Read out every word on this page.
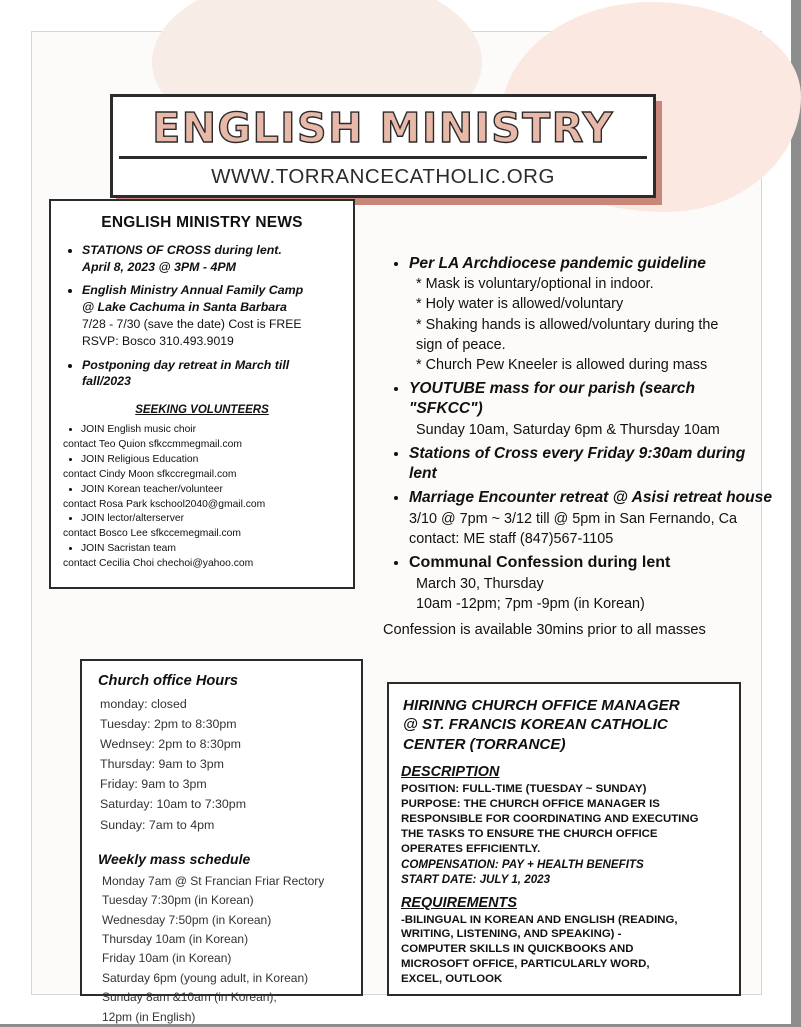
ENGLISH MINISTRY
WWW.TORRANCECATHOLIC.ORG
ENGLISH MINISTRY NEWS
• STATIONS OF CROSS during lent.
April 8, 2023 @ 3PM - 4PM
• English Ministry Annual Family Camp
@ Lake Cachuma in Santa Barbara
7/28 - 7/30 (save the date) Cost is FREE
RSVP: Bosco 310.493.9019
• Postponing day retreat in March till
fall/2023
SEEKING VOLUNTEERS
• JOIN English music choir
contact Teo Quion sfkccmmegmail.com
• JOIN Religious Education
contact Cindy Moon sfkccregmail.com
• JOIN Korean teacher/volunteer
contact Rosa Park kschool2040@gmail.com
• JOIN lector/alterserver
contact Bosco Lee sfkccemegmail.com
• JOIN Sacristan team
contact Cecilia Choi chechoi@yahoo.com
• Per LA Archdiocese pandemic guideline
* Mask is voluntary/optional in indoor.
* Holy water is allowed/voluntary
* Shaking hands is allowed/voluntary during the
sign of peace.
* Church Pew Kneeler is allowed during mass
• YOUTUBE mass for our parish (search "SFKCC")
Sunday 10am, Saturday 6pm & Thursday 10am
• Stations of Cross every Friday 9:30am during lent
• Marriage Encounter retreat @ Asisi retreat house
3/10 @ 7pm ~ 3/12 till @ 5pm in San Fernando, Ca
contact: ME staff (847)567-1105
• Communal Confession during lent
March 30, Thursday
10am -12pm; 7pm -9pm (in Korean)
Confession is available 30mins prior to all masses
Church office Hours
monday: closed
Tuesday: 2pm to 8:30pm
Wednsey: 2pm to 8:30pm
Thursday: 9am to 3pm
Friday: 9am to 3pm
Saturday: 10am to 7:30pm
Sunday: 7am to 4pm
Weekly mass schedule
Monday 7am @ St Francian Friar Rectory
Tuesday 7:30pm (in Korean)
Wednesday 7:50pm (in Korean)
Thursday 10am (in Korean)
Friday 10am (in Korean)
Saturday 6pm (young adult, in Korean)
Sunday 8am &10am (in Korean);
12pm (in English)
HIRINNG CHURCH OFFICE MANAGER
@ ST. FRANCIS KOREAN CATHOLIC
CENTER (TORRANCE)
DESCRIPTION

POSITION: FULL-TIME (TUESDAY ~ SUNDAY)

PURPOSE: THE CHURCH OFFICE MANAGER IS

RESPONSIBLE FOR COORDINATING AND EXECUTING

THE TASKS TO ENSURE THE CHURCH OFFICE

OPERATES EFFICIENTLY.

COMPENSATION: PAY + HEALTH BENEFITS

START DATE: JULY 1, 2023

REQUIREMENTS

-BILINGUAL IN KOREAN AND ENGLISH (READING,

WRITING, LISTENING, AND SPEAKING) -

COMPUTER SKILLS IN QUICKBOOKS AND

MICROSOFT OFFICE, PARTICULARLY WORD,

EXCEL, OUTLOOK
